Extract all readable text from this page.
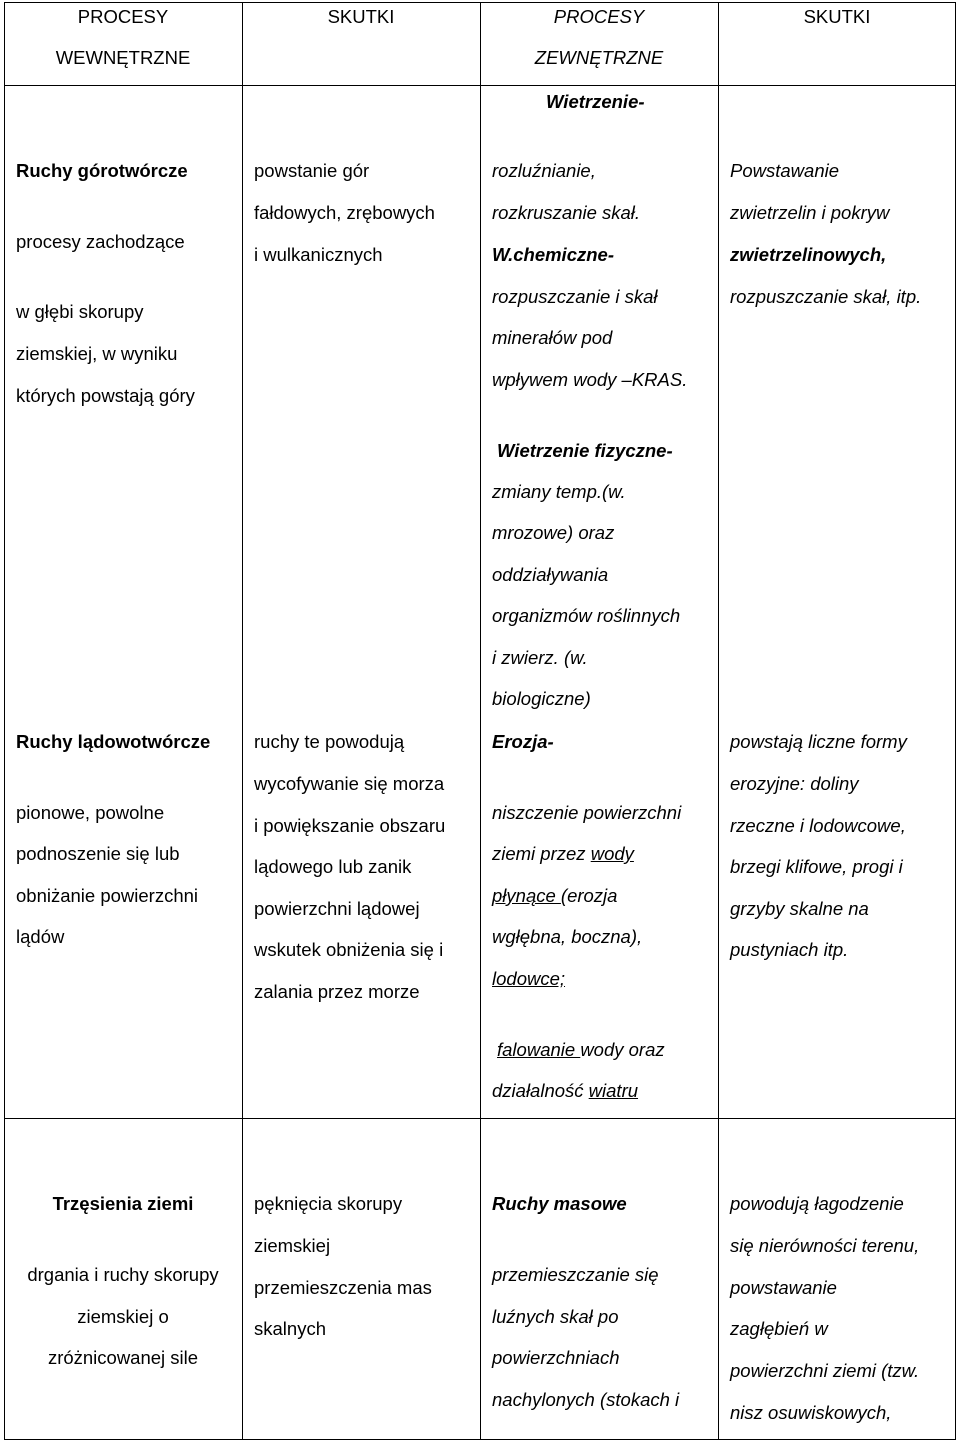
PROCESY
WEWNĘTRZNE
SKUTKI	PROCESY
ZEWNĘTRZNE
SKUTKI
Wietrzenie-
Ruchy górotwórcze
procesy zachodzące
w głębi skorupy
ziemskiej, w wyniku
których powstają góry
powstanie gór
fałdowych, zrębowych
i wulkanicznych
rozluźnianie,
rozkruszanie skał.
W.chemiczne-
rozpuszczanie i skał
minerałów pod
wpływem wody –KRAS.
Powstawanie
zwietrzelin i pokryw
zwietrzelinowych,
rozpuszczanie skał, itp.
Wietrzenie fizyczne-
zmiany temp.(w.
mrozowe) oraz
oddziaływania
organizmów roślinnych
i zwierz. (w.
biologiczne)
Ruchy lądowotwórcze
pionowe, powolne
podnoszenie się lub
obniżanie powierzchni
lądów
ruchy te powodują
wycofywanie się morza
i powiększanie obszaru
lądowego lub zanik
powierzchni lądowej
wskutek obniżenia się i
zalania przez morze
Erozja-
niszczenie powierzchni
ziemi przez wody
płynące (erozja
wgłębna, boczna),
lodowce;
falowanie wody oraz
działalność wiatru
powstają liczne formy
erozyjne: doliny
rzeczne i lodowcowe,
brzegi klifowe, progi i
grzyby skalne na
pustyniach itp.
Trzęsienia ziemi
drgania i ruchy skorupy
ziemskiej o
zróżnicowanej sile
pęknięcia skorupy
ziemskiej
przemieszczenia mas
skalnych
Ruchy masowe
przemieszczanie się
luźnych skał po
powierzchniach
nachylonych (stokach i
powodują łagodzenie
się nierówności terenu,
powstawanie
zagłębień w
powierzchni ziemi (tzw.
nisz osuwiskowych,
